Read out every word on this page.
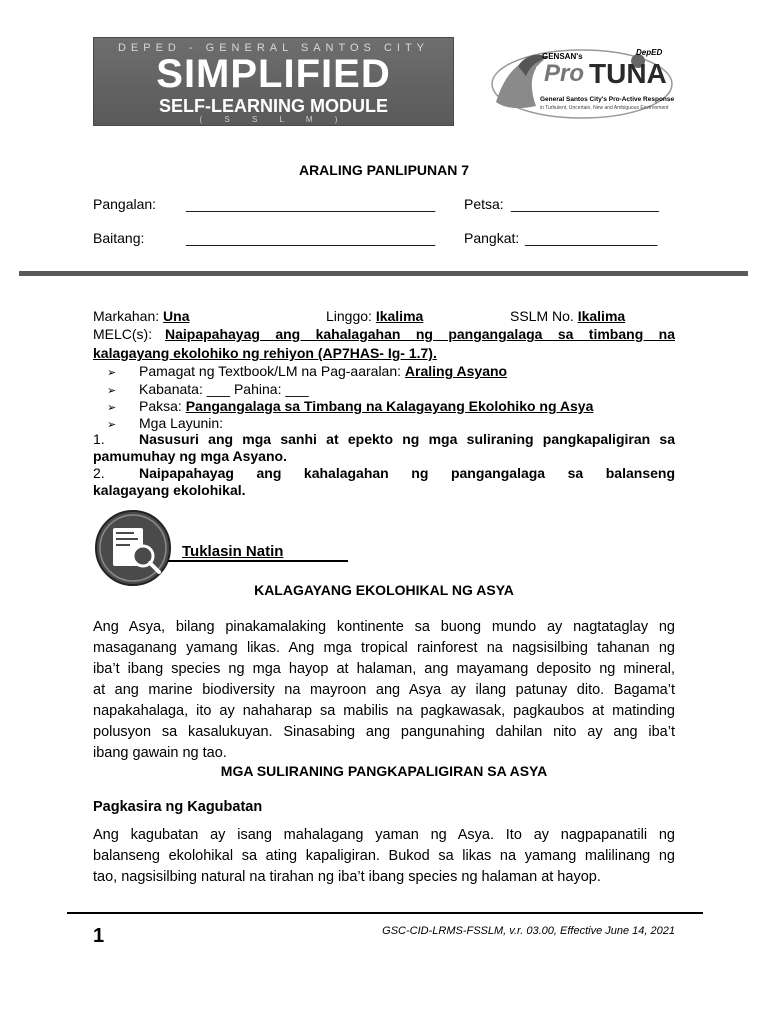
DEPED - GENERAL SANTOS CITY
SIMPLIFIED
SELF-LEARNING MODULE
( S S L M )
GENSAN's	DepED
Pro TUNA
General Santos City's Pro-Active Response
in Turbulent, Uncertain, New and Ambiguous Environment
ARALING PANLIPUNAN 7
Pangalan: ________________________________ Petsa: ___________________
Baitang:	________________________________ Pangkat: _________________
Markahan: Una	Linggo: Ikalima	SSLM No. Ikalima
MELC(s): Naipapahayag ang kahalagahan ng pangangalaga sa timbang na
kalagayang ekolohiko ng rehiyon (AP7HAS- Ig- 1.7).
➢ Pamagat ng Textbook/LM na Pag-aaralan: Araling Asyano
➢ Kabanata: ___ Pahina: ___
➢ Paksa: Pangangalaga sa Timbang na Kalagayang Ekolohiko ng Asya
➢ Mga Layunin:
1. Nasusuri ang mga sanhi at epekto ng mga suliraning pangkapaligiran sa
pamumuhay ng mga Asyano.
2. Naipapahayag ang kahalagahan ng pangangalaga sa balanseng
kalagayang ekolohikal.
Tuklasin Natin
KALAGAYANG EKOLOHIKAL NG ASYA
Ang Asya, bilang pinakamalaking kontinente sa buong mundo ay nagtataglay ng
masaganang yamang likas. Ang mga tropical rainforest na nagsisilbing tahanan ng
iba’t ibang species ng mga hayop at halaman, ang mayamang deposito ng mineral,
at ang marine biodiversity na mayroon ang Asya ay ilang patunay dito. Bagama’t
napakahalaga, ito ay nahaharap sa mabilis na pagkawasak, pagkaubos at matinding
polusyon sa kasalukuyan. Sinasabing ang pangunahing dahilan nito ay ang iba’t
ibang gawain ng tao.
MGA SULIRANING PANGKAPALIGIRAN SA ASYA
Pagkasira ng Kagubatan
Ang kagubatan ay isang mahalagang yaman ng Asya. Ito ay nagpapanatili ng
balanseng ekolohikal sa ating kapaligiran. Bukod sa likas na yamang malilinang ng
tao, nagsisilbing natural na tirahan ng iba’t ibang species ng halaman at hayop.
1	GSC-CID-LRMS-FSSLM, v.r. 03.00, Effective June 14, 2021
